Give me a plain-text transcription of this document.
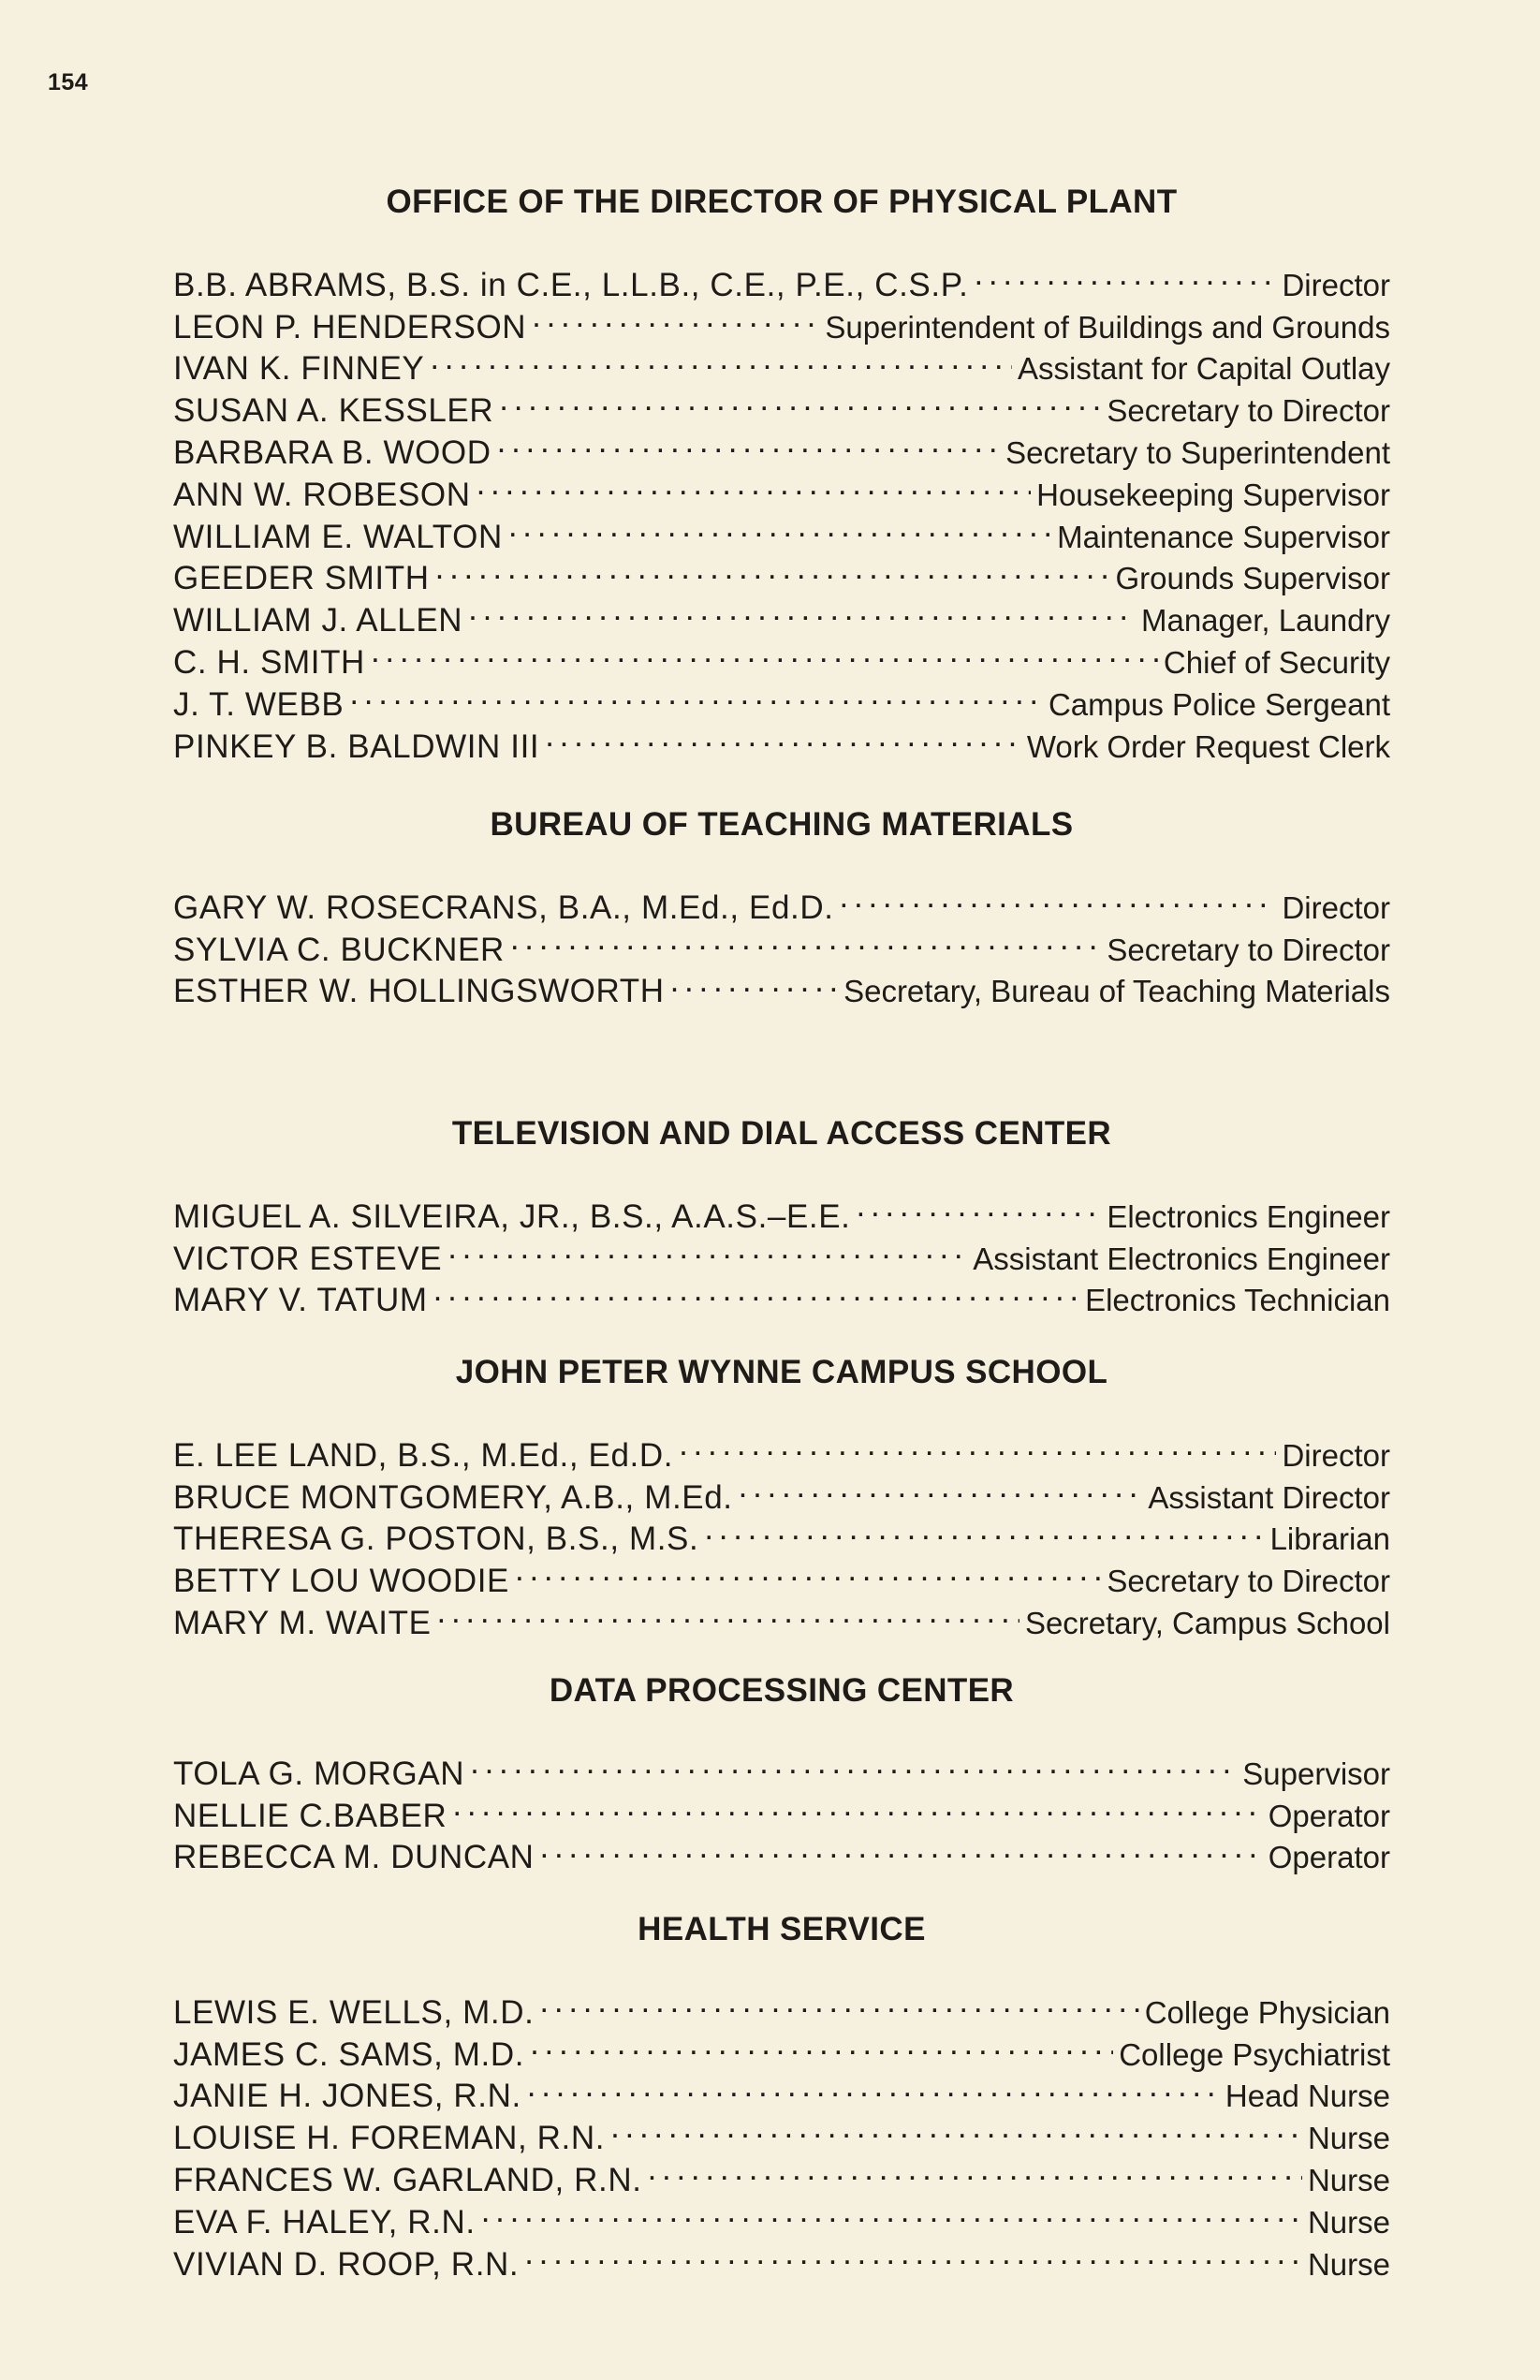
154
OFFICE OF THE DIRECTOR OF PHYSICAL PLANT
B.B. ABRAMS, B.S. in C.E., L.L.B., C.E., P.E., C.S.P. . . .	Director
LEON P. HENDERSON . . .	Superintendent of Buildings and Grounds
IVAN K. FINNEY . . .	Assistant for Capital Outlay
SUSAN A. KESSLER . . .	Secretary to Director
BARBARA B. WOOD . . .	Secretary to Superintendent
ANN W. ROBESON . . .	Housekeeping Supervisor
WILLIAM E. WALTON . . .	Maintenance Supervisor
GEEDER SMITH . . .	Grounds Supervisor
WILLIAM J. ALLEN . . .	Manager, Laundry
C. H. SMITH . . .	Chief of Security
J. T. WEBB . . .	Campus Police Sergeant
PINKEY B. BALDWIN III . . .	Work Order Request Clerk
BUREAU OF TEACHING MATERIALS
GARY W. ROSECRANS, B.A., M.Ed., Ed.D. . . .	Director
SYLVIA C. BUCKNER . . .	Secretary to Director
ESTHER W. HOLLINGSWORTH . . .	Secretary, Bureau of Teaching Materials
TELEVISION AND DIAL ACCESS CENTER
MIGUEL A. SILVEIRA, JR., B.S., A.A.S.–E.E. . . .	Electronics Engineer
VICTOR ESTEVE . . .	Assistant Electronics Engineer
MARY V. TATUM . . .	Electronics Technician
JOHN PETER WYNNE CAMPUS SCHOOL
E. LEE LAND, B.S., M.Ed., Ed.D. . . .	Director
BRUCE MONTGOMERY, A.B., M.Ed. . . .	Assistant Director
THERESA G. POSTON, B.S., M.S. . . .	Librarian
BETTY LOU WOODIE . . .	Secretary to Director
MARY M. WAITE . . .	Secretary, Campus School
DATA PROCESSING CENTER
TOLA G. MORGAN . . .	Supervisor
NELLIE C.BABER . . .	Operator
REBECCA M. DUNCAN . . .	Operator
HEALTH SERVICE
LEWIS E. WELLS, M.D. . . .	College Physician
JAMES C. SAMS, M.D. . . .	College Psychiatrist
JANIE H. JONES, R.N. . . .	Head Nurse
LOUISE H. FOREMAN, R.N. . . .	Nurse
FRANCES W. GARLAND, R.N. . . .	Nurse
EVA F. HALEY, R.N. . . .	Nurse
VIVIAN D. ROOP, R.N. . . .	Nurse
